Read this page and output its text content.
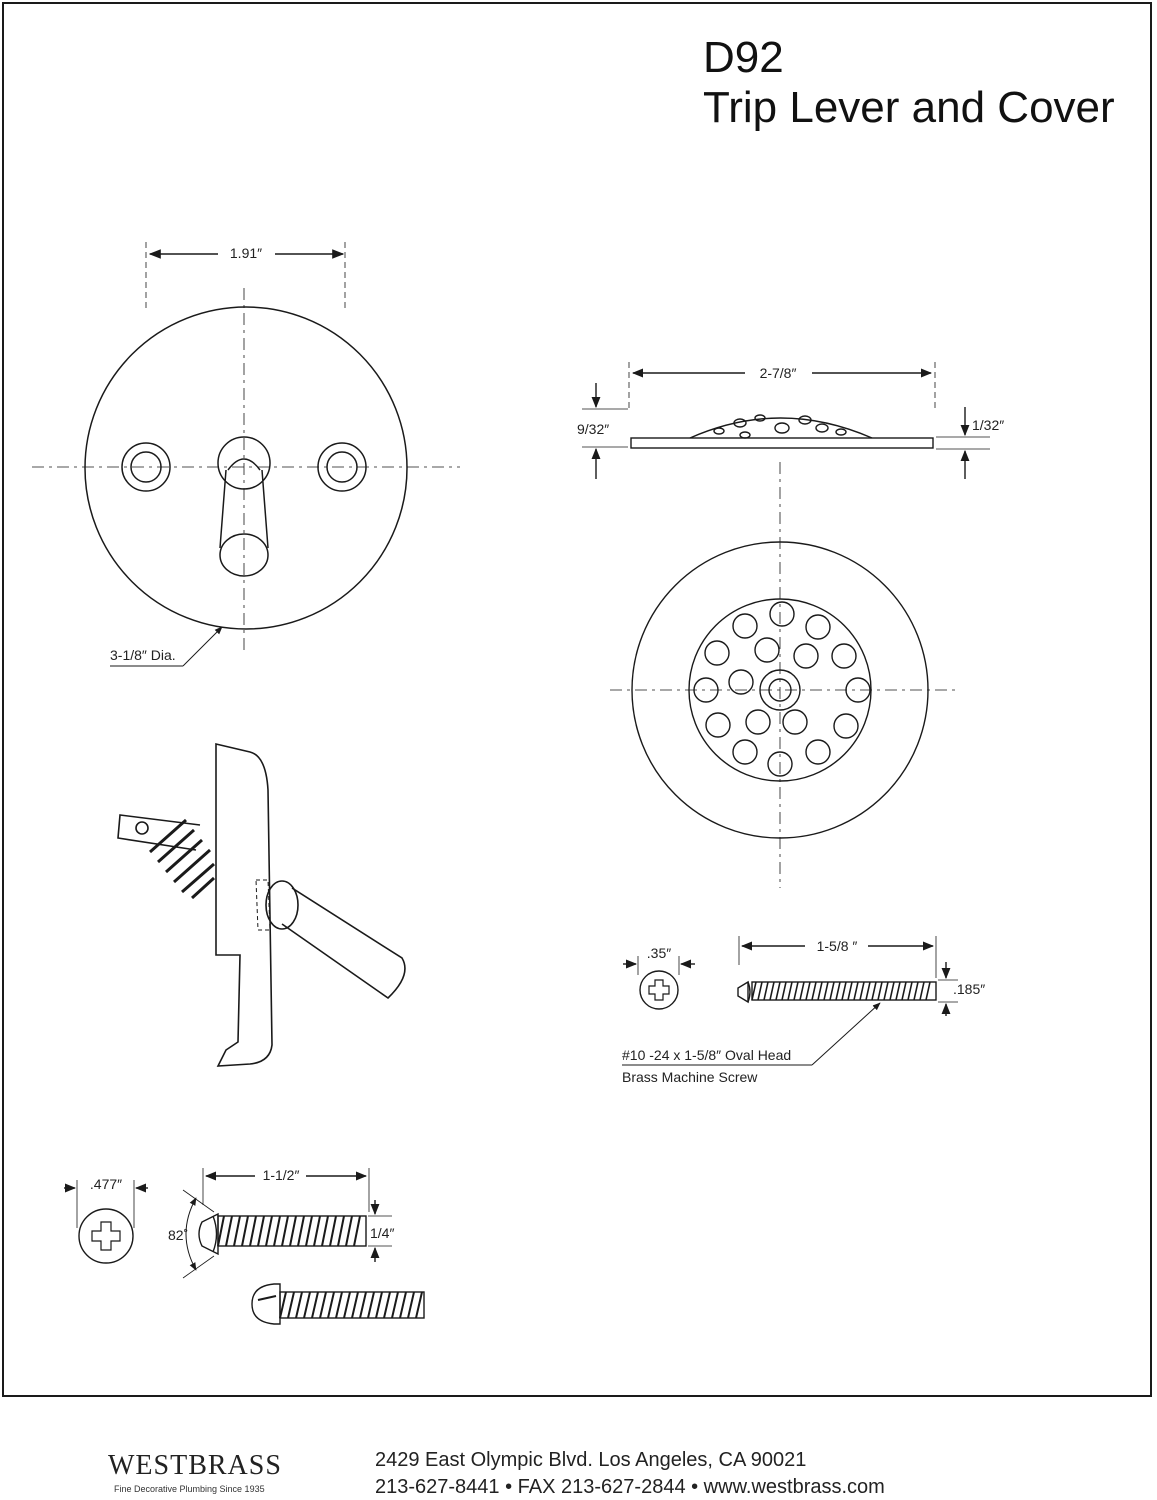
D92
Trip Lever and Cover
1.91″
3-1/8″ Dia.
2-7/8″
9/32″	1/32″
.35″	1-5/8 ″
.185″
#10 -24 x 1-5/8″ Oval Head
Brass Machine Screw
.477″
1-1/2″
1/4″
82˚
WESTBRASS
Fine Decorative Plumbing Since 1935
2429 East Olympic Blvd. Los Angeles, CA 90021
213-627-8441 • FAX 213-627-2844 • www.westbrass.com
